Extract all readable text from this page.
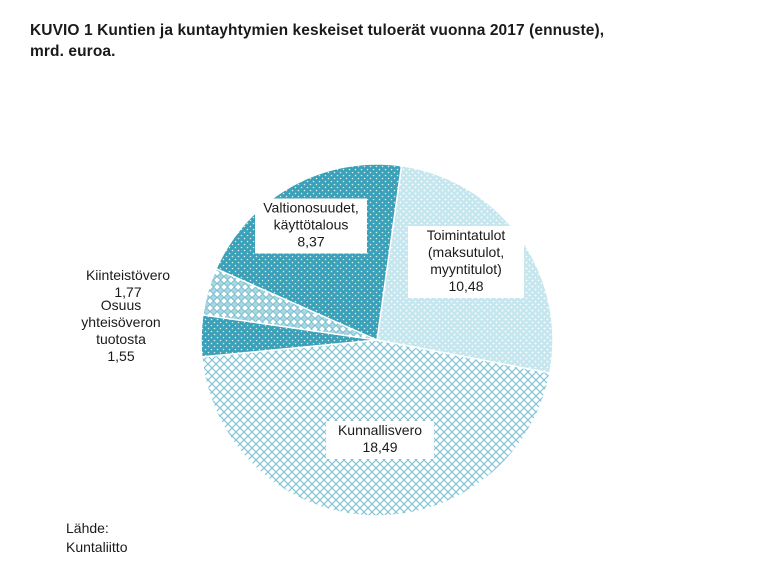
KUVIO 1 Kuntien ja kuntayhtymien keskeiset tuloerät vuonna 2017 (ennuste),
mrd. euroa.
Toimintatulot (maksutulot, myyntitulot) 10,48
Kunnallisvero 18,49
Osuus yhteisöveron tuotosta 1,55
Kiinteistövero 1,77
Valtionosuudet, käyttötalous 8,37
Lähde:
Kuntaliitto
